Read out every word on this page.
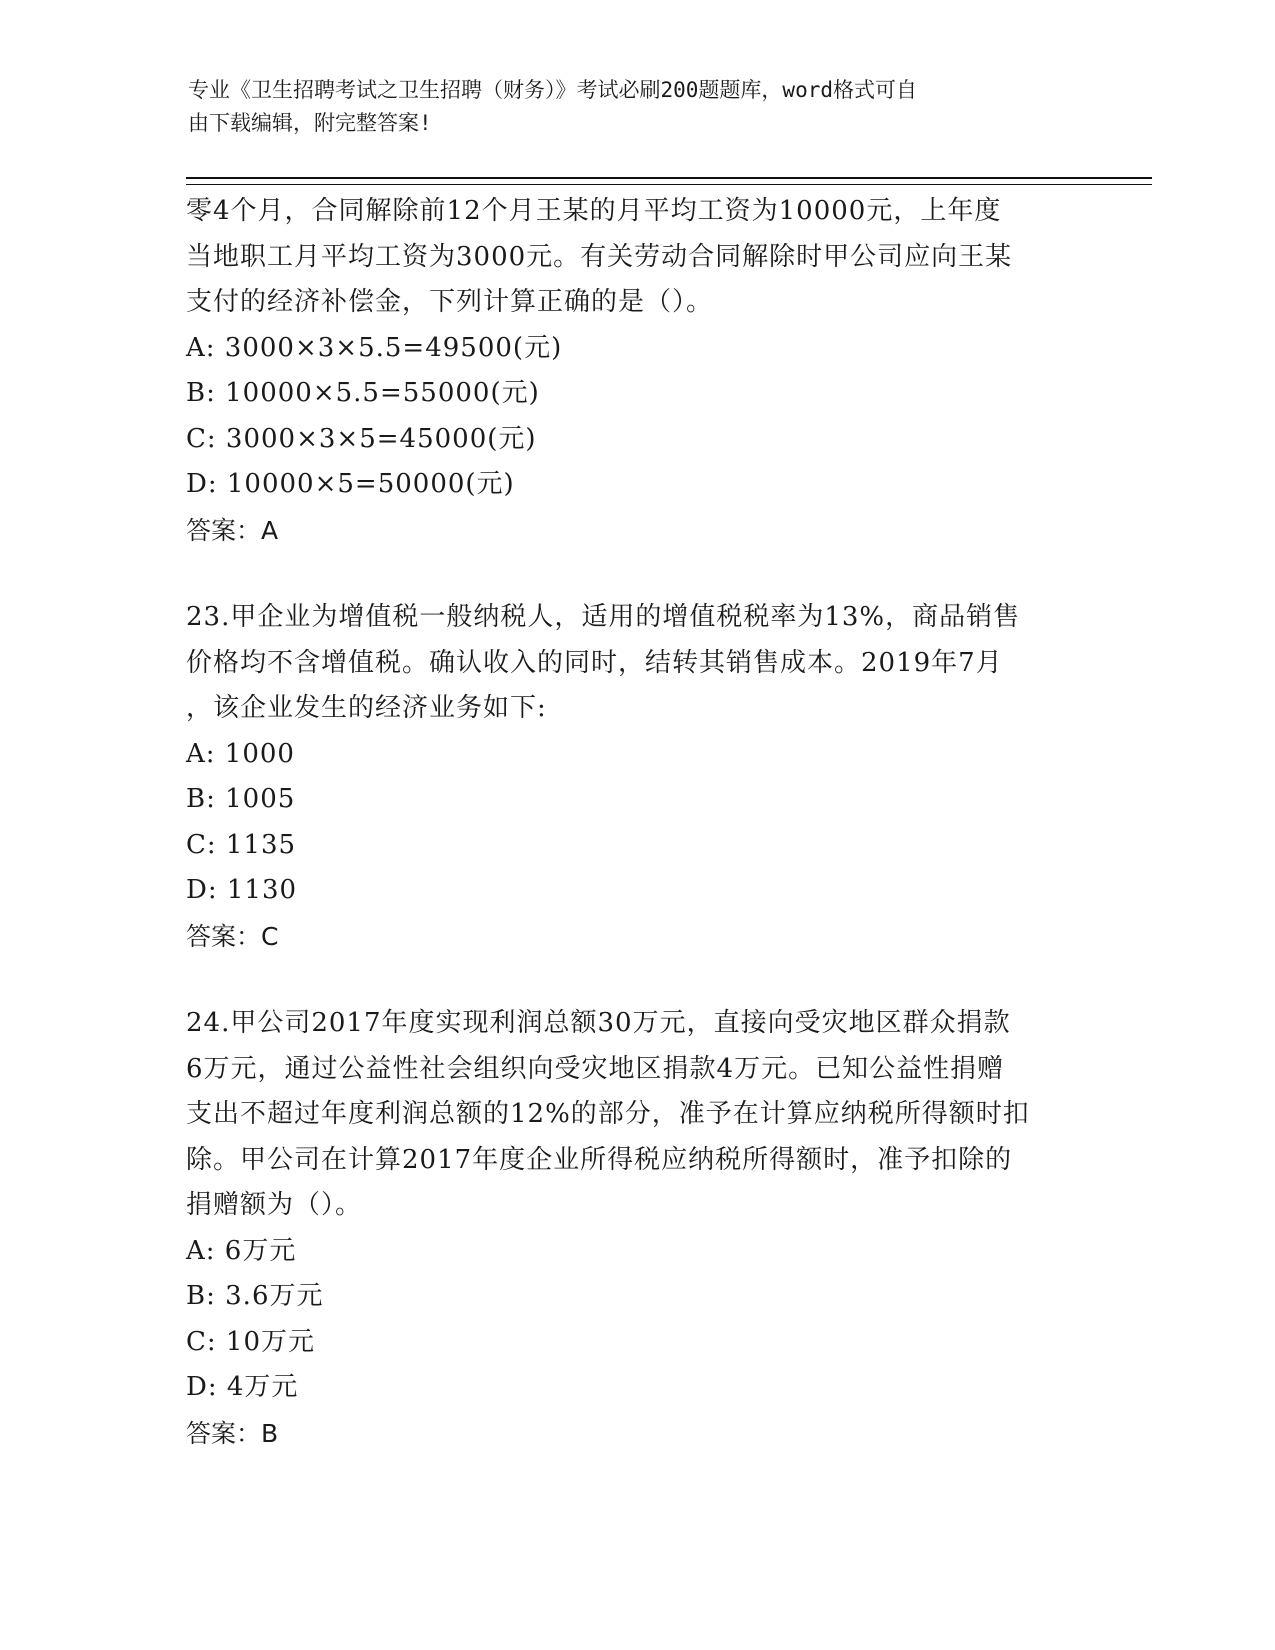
专业《卫生招聘考试之卫生招聘（财务）》考试必刷200题题库，word格式可自
由下载编辑，附完整答案!
零4个月，合同解除前12个月王某的月平均工资为10000元，上年度
当地职工月平均工资为3000元。有关劳动合同解除时甲公司应向王某
支付的经济补偿金，下列计算正确的是（）。
A: 3000×3×5.5=49500(元)
B: 10000×5.5=55000(元)
C: 3000×3×5=45000(元)
D: 10000×5=50000(元)
答案：A
23.甲企业为增值税一般纳税人，适用的增值税税率为13%，商品销售
价格均不含增值税。确认收入的同时，结转其销售成本。2019年7月
，该企业发生的经济业务如下:
A: 1000
B: 1005
C: 1135
D: 1130
答案：C
24.甲公司2017年度实现利润总额30万元，直接向受灾地区群众捐款
6万元，通过公益性社会组织向受灾地区捐款4万元。已知公益性捐赠
支出不超过年度利润总额的12%的部分，准予在计算应纳税所得额时扣
除。甲公司在计算2017年度企业所得税应纳税所得额时，准予扣除的
捐赠额为（）。
A: 6万元
B: 3.6万元
C: 10万元
D: 4万元
答案：B
